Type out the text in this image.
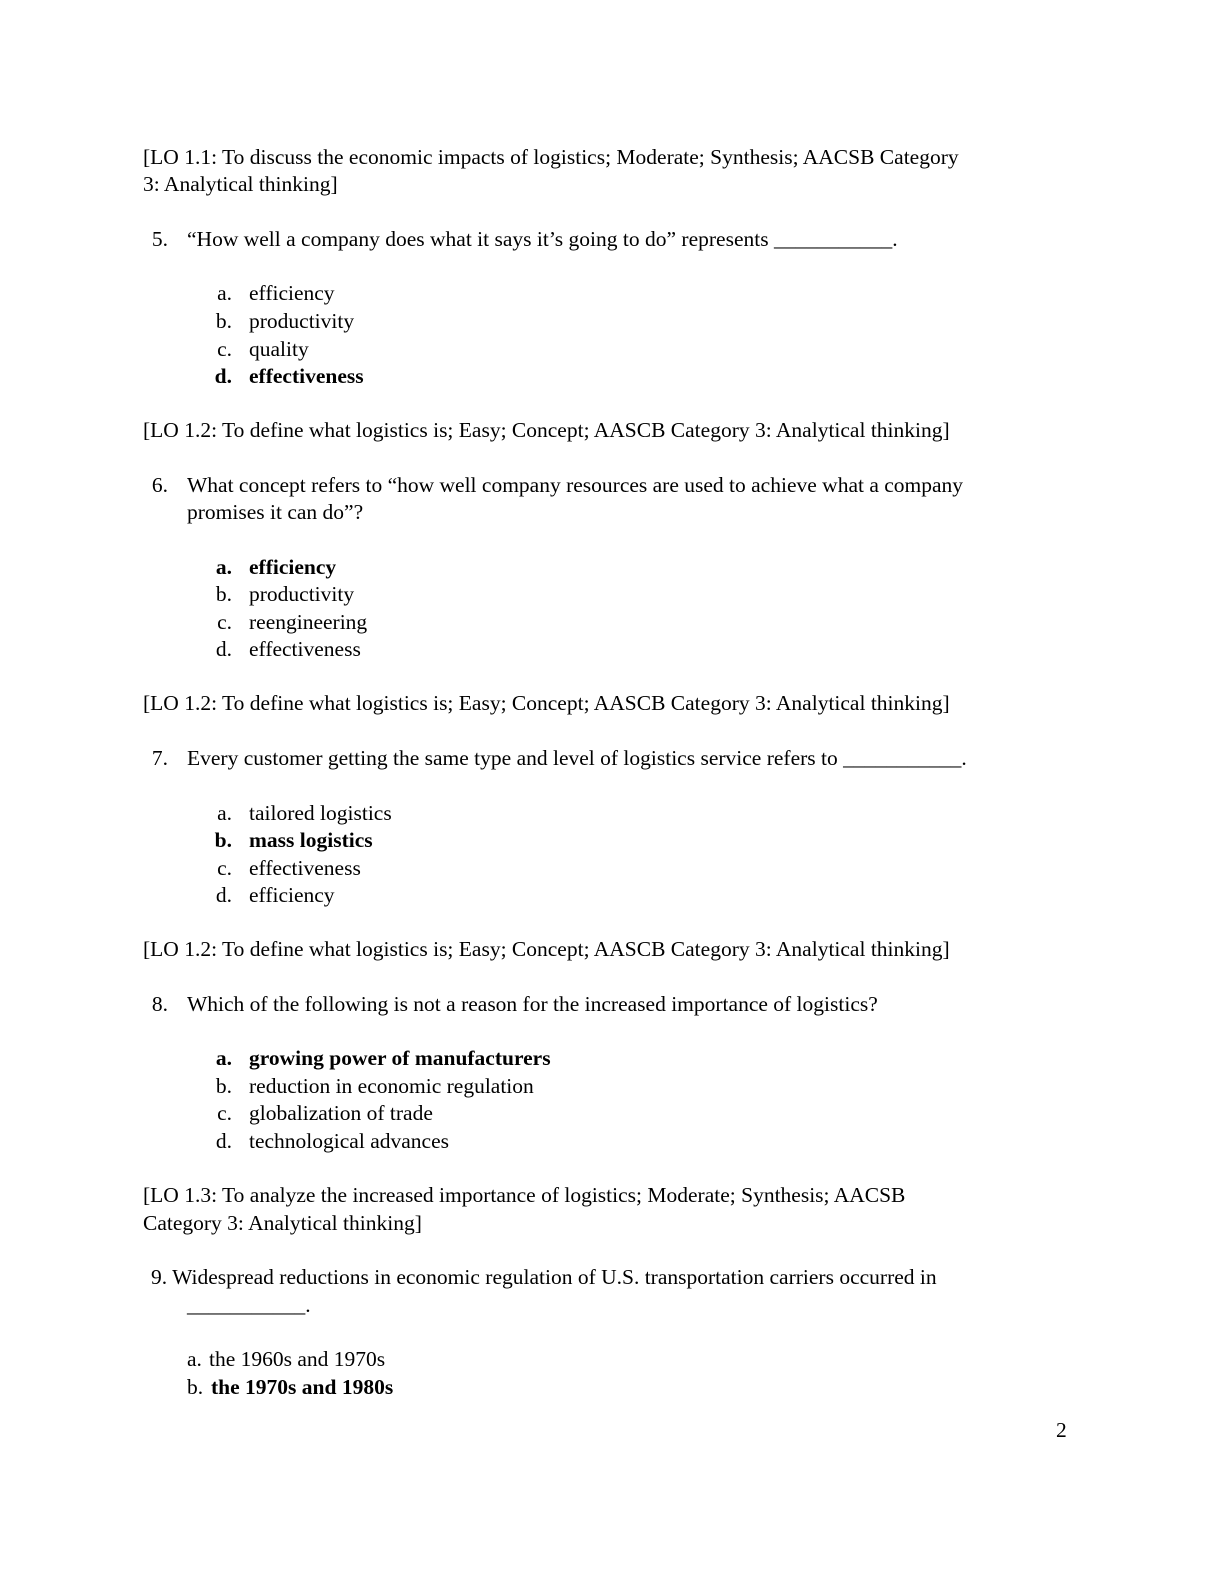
[LO 1.1: To discuss the economic impacts of logistics; Moderate; Synthesis; AACSB Category
3: Analytical thinking]
5. “How well a company does what it says it’s going to do” represents ___________.
a. efficiency
b. productivity
c. quality
d. effectiveness
[LO 1.2: To define what logistics is; Easy; Concept; AASCB Category 3: Analytical thinking]
6. What concept refers to “how well company resources are used to achieve what a company
promises it can do”?
a. efficiency
b. productivity
c. reengineering
d. effectiveness
[LO 1.2: To define what logistics is; Easy; Concept; AASCB Category 3: Analytical thinking]
7. Every customer getting the same type and level of logistics service refers to ___________.
a. tailored logistics
b. mass logistics
c. effectiveness
d. efficiency
[LO 1.2: To define what logistics is; Easy; Concept; AASCB Category 3: Analytical thinking]
8. Which of the following is not a reason for the increased importance of logistics?
a. growing power of manufacturers
b. reduction in economic regulation
c. globalization of trade
d. technological advances
[LO 1.3: To analyze the increased importance of logistics; Moderate; Synthesis; AACSB
Category 3: Analytical thinking]
9. Widespread reductions in economic regulation of U.S. transportation carriers occurred in
___________.
a. the 1960s and 1970s
b. the 1970s and 1980s
2
